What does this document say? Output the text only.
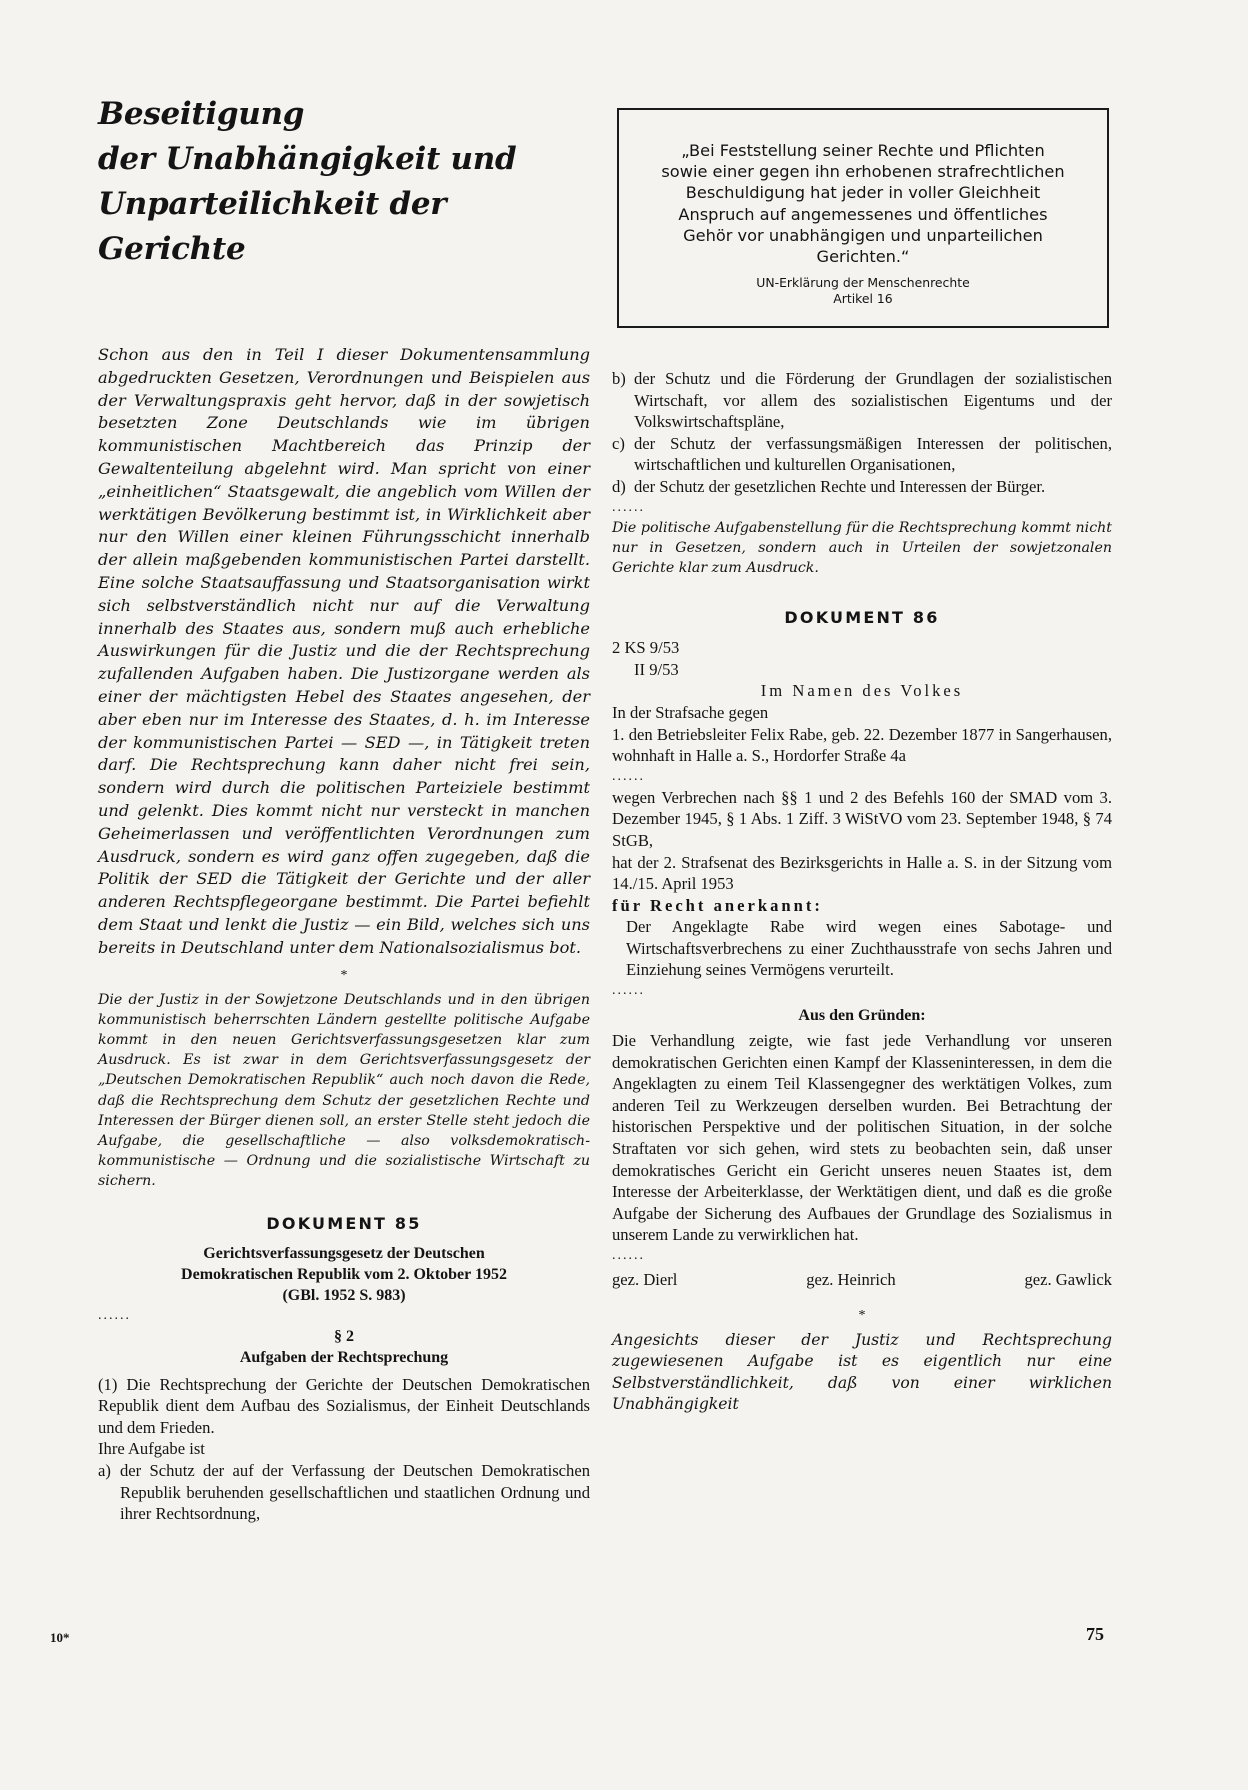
Beseitigung
der Unabhängigkeit und
Unparteilichkeit der Gerichte

Schon aus den in Teil I dieser Dokumentensammlung abgedruckten Gesetzen, Verordnungen und Beispielen aus der Verwaltungspraxis geht hervor, daß in der sowjetisch besetzten Zone Deutschlands wie im übrigen kommunistischen Machtbereich das Prinzip der Gewaltenteilung abgelehnt wird. Man spricht von einer „einheitlichen“ Staatsgewalt, die angeblich vom Willen der werktätigen Bevölkerung bestimmt ist, in Wirklichkeit aber nur den Willen einer kleinen Führungsschicht innerhalb der allein maßgebenden kommunistischen Partei darstellt. Eine solche Staatsauffassung und Staatsorganisation wirkt sich selbstverständlich nicht nur auf die Verwaltung innerhalb des Staates aus, sondern muß auch erhebliche Auswirkungen für die Justiz und die der Rechtsprechung zufallenden Aufgaben haben. Die Justizorgane werden als einer der mächtigsten Hebel des Staates angesehen, der aber eben nur im Interesse des Staates, d. h. im Interesse der kommunistischen Partei — SED —, in Tätigkeit treten darf. Die Rechtsprechung kann daher nicht frei sein, sondern wird durch die politischen Parteiziele bestimmt und gelenkt. Dies kommt nicht nur versteckt in manchen Geheimerlassen und veröffentlichten Verordnungen zum Ausdruck, sondern es wird ganz offen zugegeben, daß die Politik der SED die Tätigkeit der Gerichte und der aller anderen Rechtspflegeorgane bestimmt. Die Partei befiehlt dem Staat und lenkt die Justiz — ein Bild, welches sich uns bereits in Deutschland unter dem Nationalsozialismus bot.

*

Die der Justiz in der Sowjetzone Deutschlands und in den übrigen kommunistisch beherrschten Ländern gestellte politische Aufgabe kommt in den neuen Gerichtsverfassungsgesetzen klar zum Ausdruck. Es ist zwar in dem Gerichtsverfassungsgesetz der „Deutschen Demokratischen Republik“ auch noch davon die Rede, daß die Rechtsprechung dem Schutz der gesetzlichen Rechte und Interessen der Bürger dienen soll, an erster Stelle steht jedoch die Aufgabe, die gesellschaftliche — also volksdemokratisch-kommunistische — Ordnung und die sozialistische Wirtschaft zu sichern.

DOKUMENT 85

Gerichtsverfassungsgesetz der Deutschen

Demokratischen Republik vom 2. Oktober 1952

(GBl. 1952 S. 983)

......

§ 2

Aufgaben der Rechtsprechung

(1) Die Rechtsprechung der Gerichte der Deutschen Demokratischen Republik dient dem Aufbau des Sozialismus, der Einheit Deutschlands und dem Frieden.

Ihre Aufgabe ist

a) der Schutz der auf der Verfassung der Deutschen Demokratischen Republik beruhenden gesellschaftlichen und staatlichen Ordnung und ihrer Rechtsordnung,

„Bei Feststellung seiner Rechte und Pflichten sowie einer gegen ihn erhobenen strafrechtlichen Beschuldigung hat jeder in voller Gleichheit Anspruch auf angemessenes und öffentliches Gehör vor unabhängigen und unparteilichen Gerichten.“

UN-Erklärung der Menschenrechte
Artikel 16

b) der Schutz und die Förderung der Grundlagen der sozialistischen Wirtschaft, vor allem des sozialistischen Eigentums und der Volkswirtschaftspläne,
c) der Schutz der verfassungsmäßigen Interessen der politischen, wirtschaftlichen und kulturellen Organisationen,
d) der Schutz der gesetzlichen Rechte und Interessen der Bürger.
......

Die politische Aufgabenstellung für die Rechtsprechung kommt nicht nur in Gesetzen, sondern auch in Urteilen der sowjetzonalen Gerichte klar zum Ausdruck.

DOKUMENT 86

2 KS 9/53

II 9/53

Im Namen des Volkes

In der Strafsache gegen

1. den Betriebsleiter Felix Rabe, geb. 22. Dezember 1877 in Sangerhausen, wohnhaft in Halle a. S., Hordorfer Straße 4a

......

wegen Verbrechen nach §§ 1 und 2 des Befehls 160 der SMAD vom 3. Dezember 1945, § 1 Abs. 1 Ziff. 3 WiStVO vom 23. September 1948, § 74 StGB,

hat der 2. Strafsenat des Bezirksgerichts in Halle a. S. in der Sitzung vom 14./15. April 1953

für Recht anerkannt:

Der Angeklagte Rabe wird wegen eines Sabotage- und Wirtschaftsverbrechens zu einer Zuchthausstrafe von sechs Jahren und Einziehung seines Vermögens verurteilt.

......

Aus den Gründen:

Die Verhandlung zeigte, wie fast jede Verhandlung vor unseren demokratischen Gerichten einen Kampf der Klasseninteressen, in dem die Angeklagten zu einem Teil Klassengegner des werktätigen Volkes, zum anderen Teil zu Werkzeugen derselben wurden. Bei Betrachtung der historischen Perspektive und der politischen Situation, in der solche Straftaten vor sich gehen, wird stets zu beobachten sein, daß unser demokratisches Gericht ein Gericht unseres neuen Staates ist, dem Interesse der Arbeiterklasse, der Werktätigen dient, und daß es die große Aufgabe der Sicherung des Aufbaues der Grundlage des Sozialismus in unserem Lande zu verwirklichen hat.

......
gez. Dierl	gez. Heinrich	gez. Gawlick
*

Angesichts dieser der Justiz und Rechtsprechung zugewiesenen Aufgabe ist es eigentlich nur eine Selbstverständlichkeit, daß von einer wirklichen Unabhängigkeit

10*	75
